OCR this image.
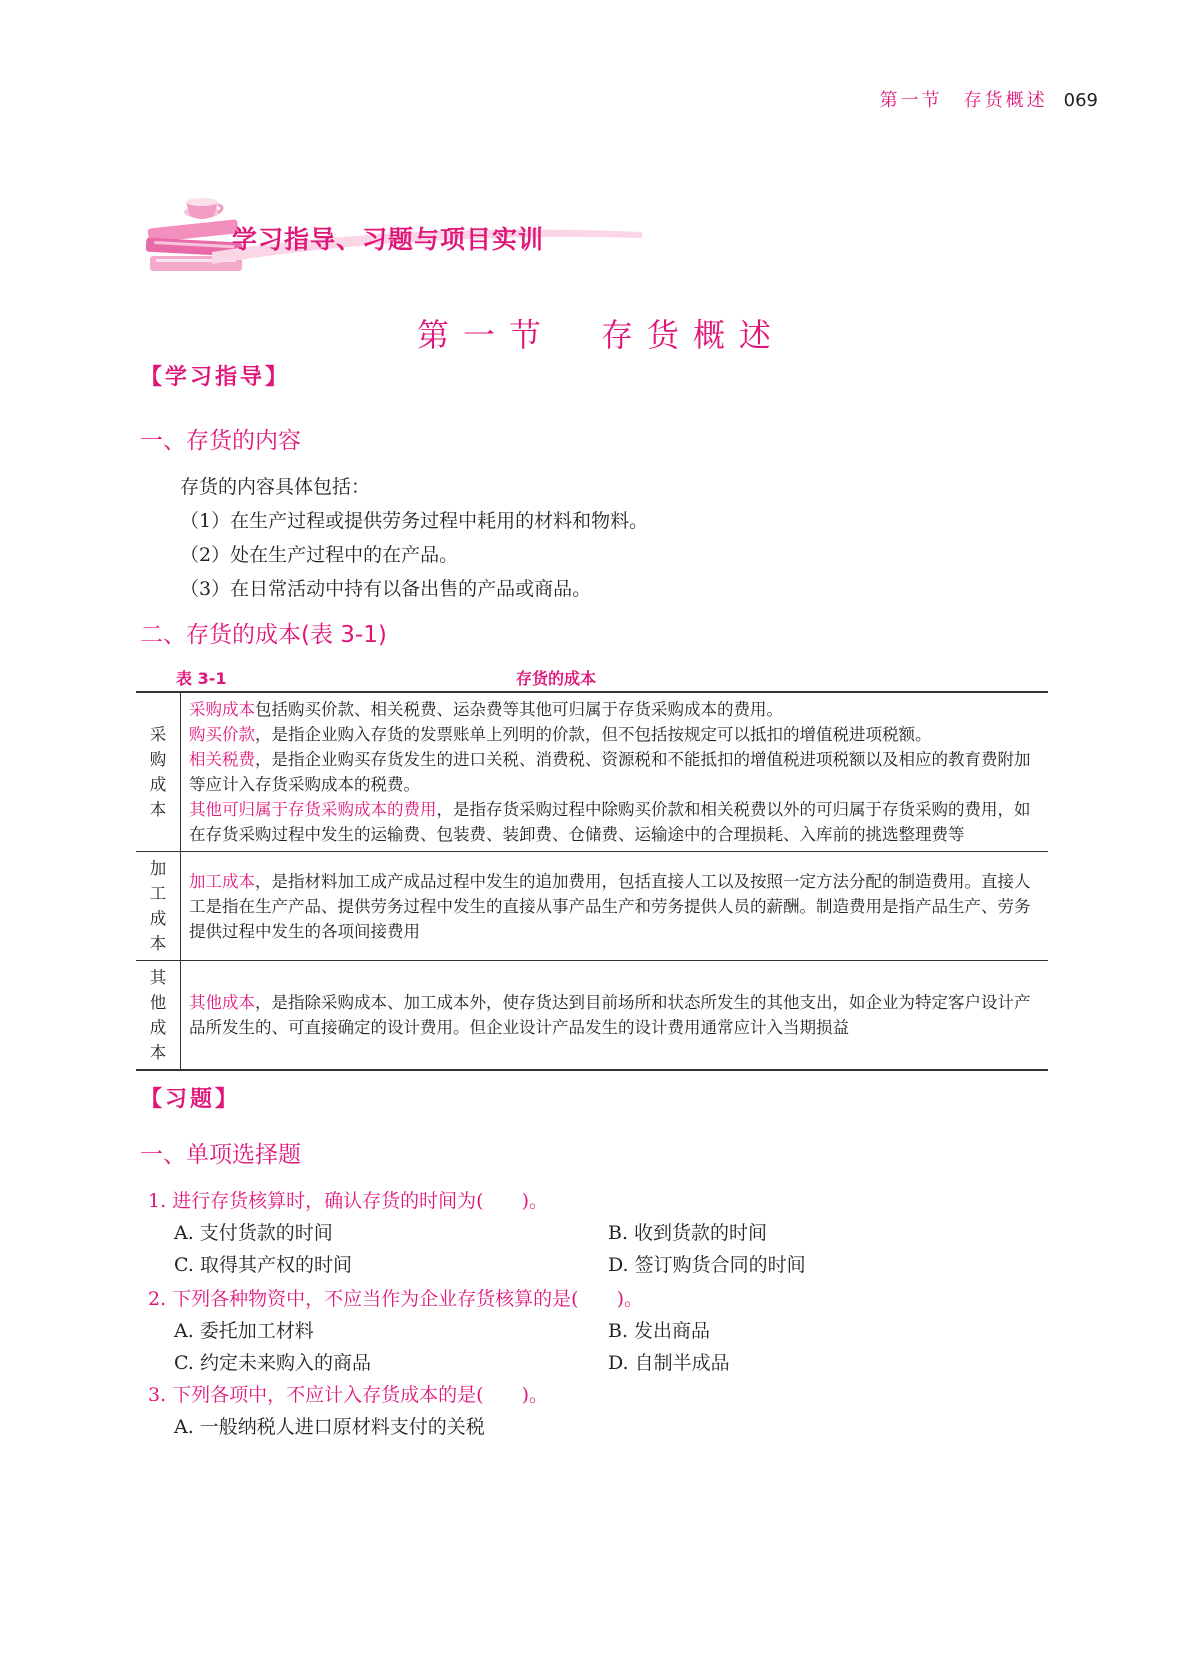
第一节　存货概述 069
学习指导、习题与项目实训
第一节　存货概述
【学习指导】
一、存货的内容
存货的内容具体包括：
（1）在生产过程或提供劳务过程中耗用的材料和物料。
（2）处在生产过程中的在产品。
（3）在日常活动中持有以备出售的产品或商品。
二、存货的成本(表 3-1)
表 3-1	存货的成本
采购成本	采购成本包括购买价款、相关税费、运杂费等其他可归属于存货采购成本的费用。
购买价款，是指企业购入存货的发票账单上列明的价款，但不包括按规定可以抵扣的增值税进项税额。
相关税费，是指企业购买存货发生的进口关税、消费税、资源税和不能抵扣的增值税进项税额以及相应的教育费附加等应计入存货采购成本的税费。
其他可归属于存货采购成本的费用，是指存货采购过程中除购买价款和相关税费以外的可归属于存货采购的费用，如在存货采购过程中发生的运输费、包装费、装卸费、仓储费、运输途中的合理损耗、入库前的挑选整理费等

加工成本	加工成本，是指材料加工成产成品过程中发生的追加费用，包括直接人工以及按照一定方法分配的制造费用。直接人工是指在生产产品、提供劳务过程中发生的直接从事产品生产和劳务提供人员的薪酬。制造费用是指产品生产、劳务提供过程中发生的各项间接费用

其他成本	其他成本，是指除采购成本、加工成本外，使存货达到目前场所和状态所发生的其他支出，如企业为特定客户设计产品所发生的、可直接确定的设计费用。但企业设计产品发生的设计费用通常应计入当期损益
【习题】
一、单项选择题
1. 进行存货核算时，确认存货的时间为(　　)。
A. 支付货款的时间	B. 收到货款的时间
C. 取得其产权的时间	D. 签订购货合同的时间
2. 下列各种物资中，不应当作为企业存货核算的是(　　)。
A. 委托加工材料	B. 发出商品
C. 约定未来购入的商品	D. 自制半成品
3. 下列各项中，不应计入存货成本的是(　　)。
A. 一般纳税人进口原材料支付的关税
